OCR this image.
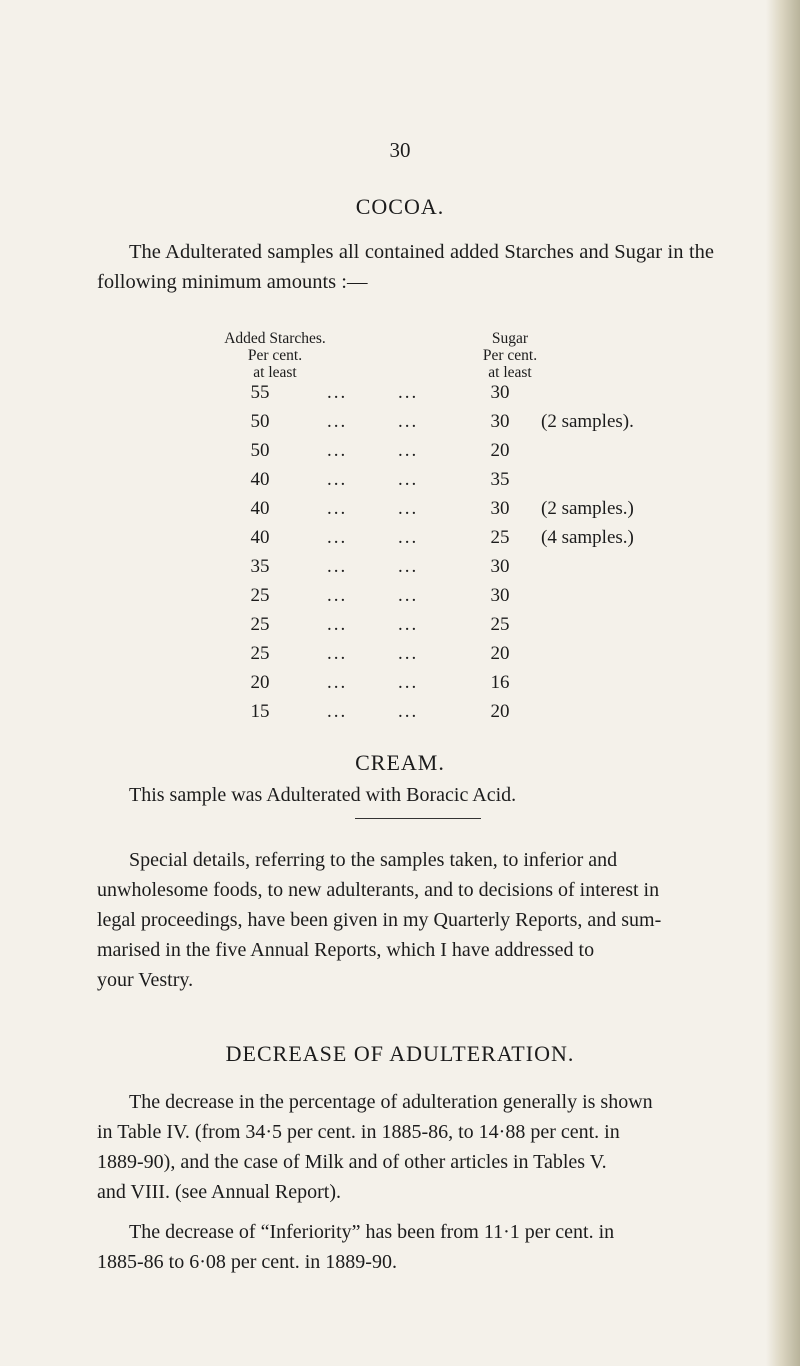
30
COCOA.
The Adulterated samples all contained added Starches and Sugar in the following minimum amounts :—
Added Starches.
Per cent.
at least
Sugar
Per cent.
at least
55	...	...	30
50	...	...	30	(2 samples).
50	...	...	20
40	...	...	35
40	...	...	30	(2 samples.)
40	...	...	25	(4 samples.)
35	...	...	30
25	...	...	30
25	...	...	25
25	...	...	20
20	...	...	16
15	...	...	20
CREAM.
This sample was Adulterated with Boracic Acid.
Special details, referring to the samples taken, to inferior and
unwholesome foods, to new adulterants, and to decisions of interest in
legal proceedings, have been given in my Quarterly Reports, and sum-
marised in the five Annual Reports, which I have addressed to
your Vestry.
DECREASE OF ADULTERATION.
The decrease in the percentage of adulteration generally is shown
in Table IV. (from 34·5 per cent. in 1885-86, to 14·88 per cent. in
1889-90), and the case of Milk and of other articles in Tables V.
and VIII. (see Annual Report).
The decrease of “Inferiority” has been from 11·1 per cent. in
1885-86 to 6·08 per cent. in 1889-90.
